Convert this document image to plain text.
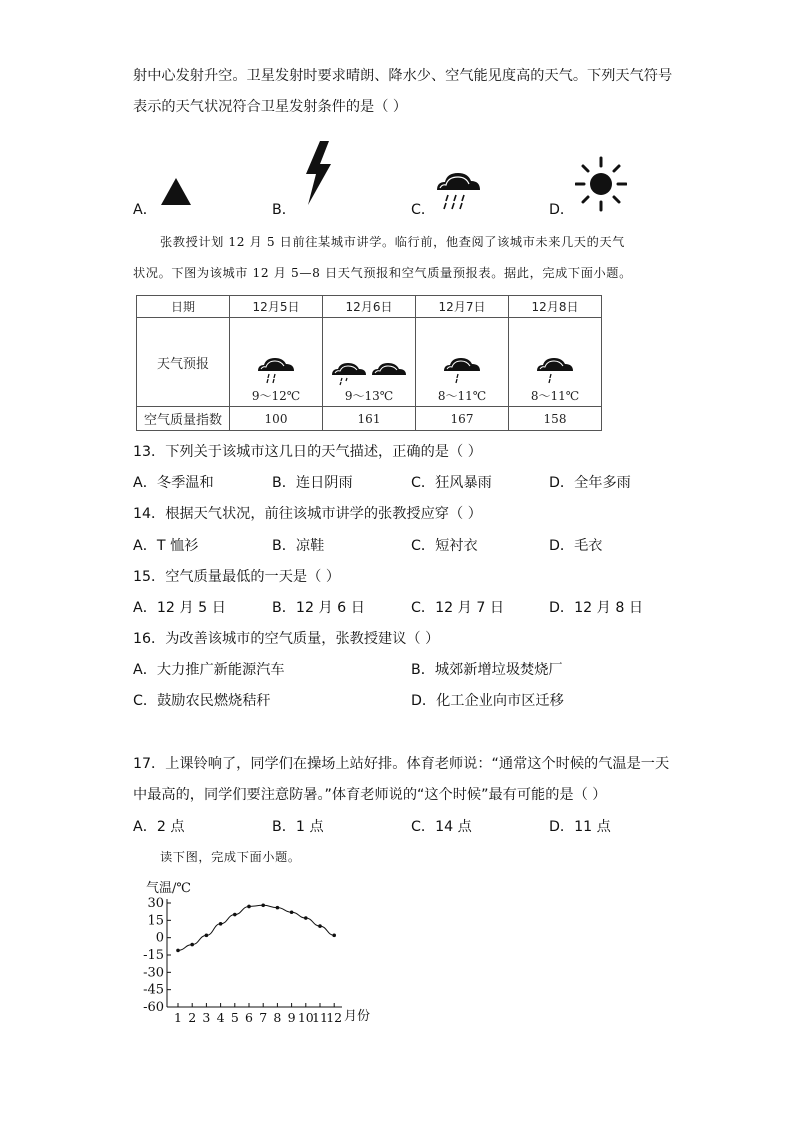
射中心发射升空。卫星发射时要求晴朗、降水少、空气能见度高的天气。下列天气符号
表示的天气状况符合卫星发射条件的是（ ）
A．	B．	C．	D．
张教授计划 12 月 5 日前往某城市讲学。临行前，他查阅了该城市未来几天的天气
状况。下图为该城市 12 月 5—8 日天气预报和空气质量预报表。据此，完成下面小题。
日期	12月5日	12月6日	12月7日	12月8日
天气预报	9～12℃	9～13℃	8～11℃	8～11℃

空气质量指数	100	161	167	158
13．下列关于该城市这几日的天气描述，正确的是（ ）
A．冬季温和	B．连日阴雨	C．狂风暴雨	D．全年多雨
14．根据天气状况，前往该城市讲学的张教授应穿（ ）
A．T 恤衫	B．凉鞋	C．短衬衣	D．毛衣
15．空气质量最低的一天是（ ）
A．12 月 5 日	B．12 月 6 日	C．12 月 7 日	D．12 月 8 日
16．为改善该城市的空气质量，张教授建议（ ）
A．大力推广新能源汽车	B．城郊新增垃圾焚烧厂
C．鼓励农民燃烧秸秆	D．化工企业向市区迁移
17．上课铃响了，同学们在操场上站好排。体育老师说：“通常这个时候的气温是一天
中最高的，同学们要注意防暑。”体育老师说的“这个时候”最有可能的是（ ）
A．2 点	B．1 点	C．14 点	D．11 点
读下图，完成下面小题。
气温/℃
月份
30
15
0
-15
-30
-45
-60
1 2 3 4 5 6 7 8 9 10
11
12
